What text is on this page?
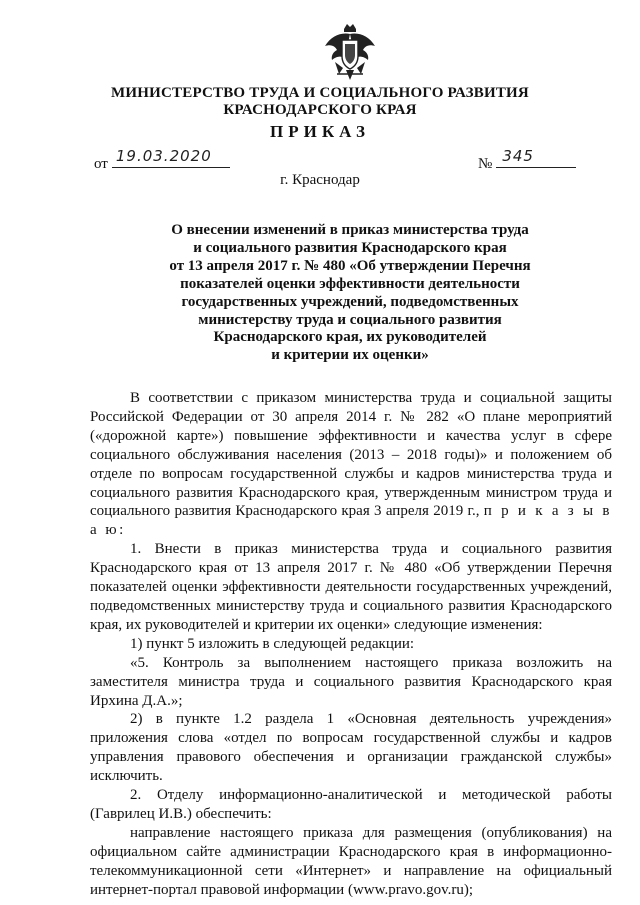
МИНИСТЕРСТВО ТРУДА И СОЦИАЛЬНОГО РАЗВИТИЯ
КРАСНОДАРСКОГО КРАЯ
ПРИКАЗ
от 19.03.2020	№ 345
г. Краснодар
О внесении изменений в приказ министерства труда
и социального развития Краснодарского края
от 13 апреля 2017 г. № 480 «Об утверждении Перечня
показателей оценки эффективности деятельности
государственных учреждений, подведомственных
министерству труда и социального развития
Краснодарского края, их руководителей
и критерии их оценки»

В соответствии с приказом министерства труда и социальной защиты Российской Федерации от 30 апреля 2014 г. № 282 «О плане мероприятий («дорожной карте») повышение эффективности и качества услуг в сфере социального обслуживания населения (2013 – 2018 годы)» и положением об отделе по вопросам государственной службы и кадров министерства труда и социального развития Краснодарского края, утвержденным министром труда и социального развития Краснодарского края 3 апреля 2019 г., п р и к а з ы в а ю:

1. Внести в приказ министерства труда и социального развития Краснодарского края от 13 апреля 2017 г. № 480 «Об утверждении Перечня показателей оценки эффективности деятельности государственных учреждений, подведомственных министерству труда и социального развития Краснодарского края, их руководителей и критерии их оценки» следующие изменения:

1) пункт 5 изложить в следующей редакции:

«5. Контроль за выполнением настоящего приказа возложить на заместителя министра труда и социального развития Краснодарского края Ирхина Д.А.»;

2) в пункте 1.2 раздела 1 «Основная деятельность учреждения» приложения слова «отдел по вопросам государственной службы и кадров управления правового обеспечения и организации гражданской службы» исключить.

2. Отделу информационно-аналитической и методической работы (Гаврилец И.В.) обеспечить:

направление настоящего приказа для размещения (опубликования) на официальном сайте администрации Краснодарского края в информационно-телекоммуникационной сети «Интернет» и направление на официальный интернет-портал правовой информации (www.pravo.gov.ru);
